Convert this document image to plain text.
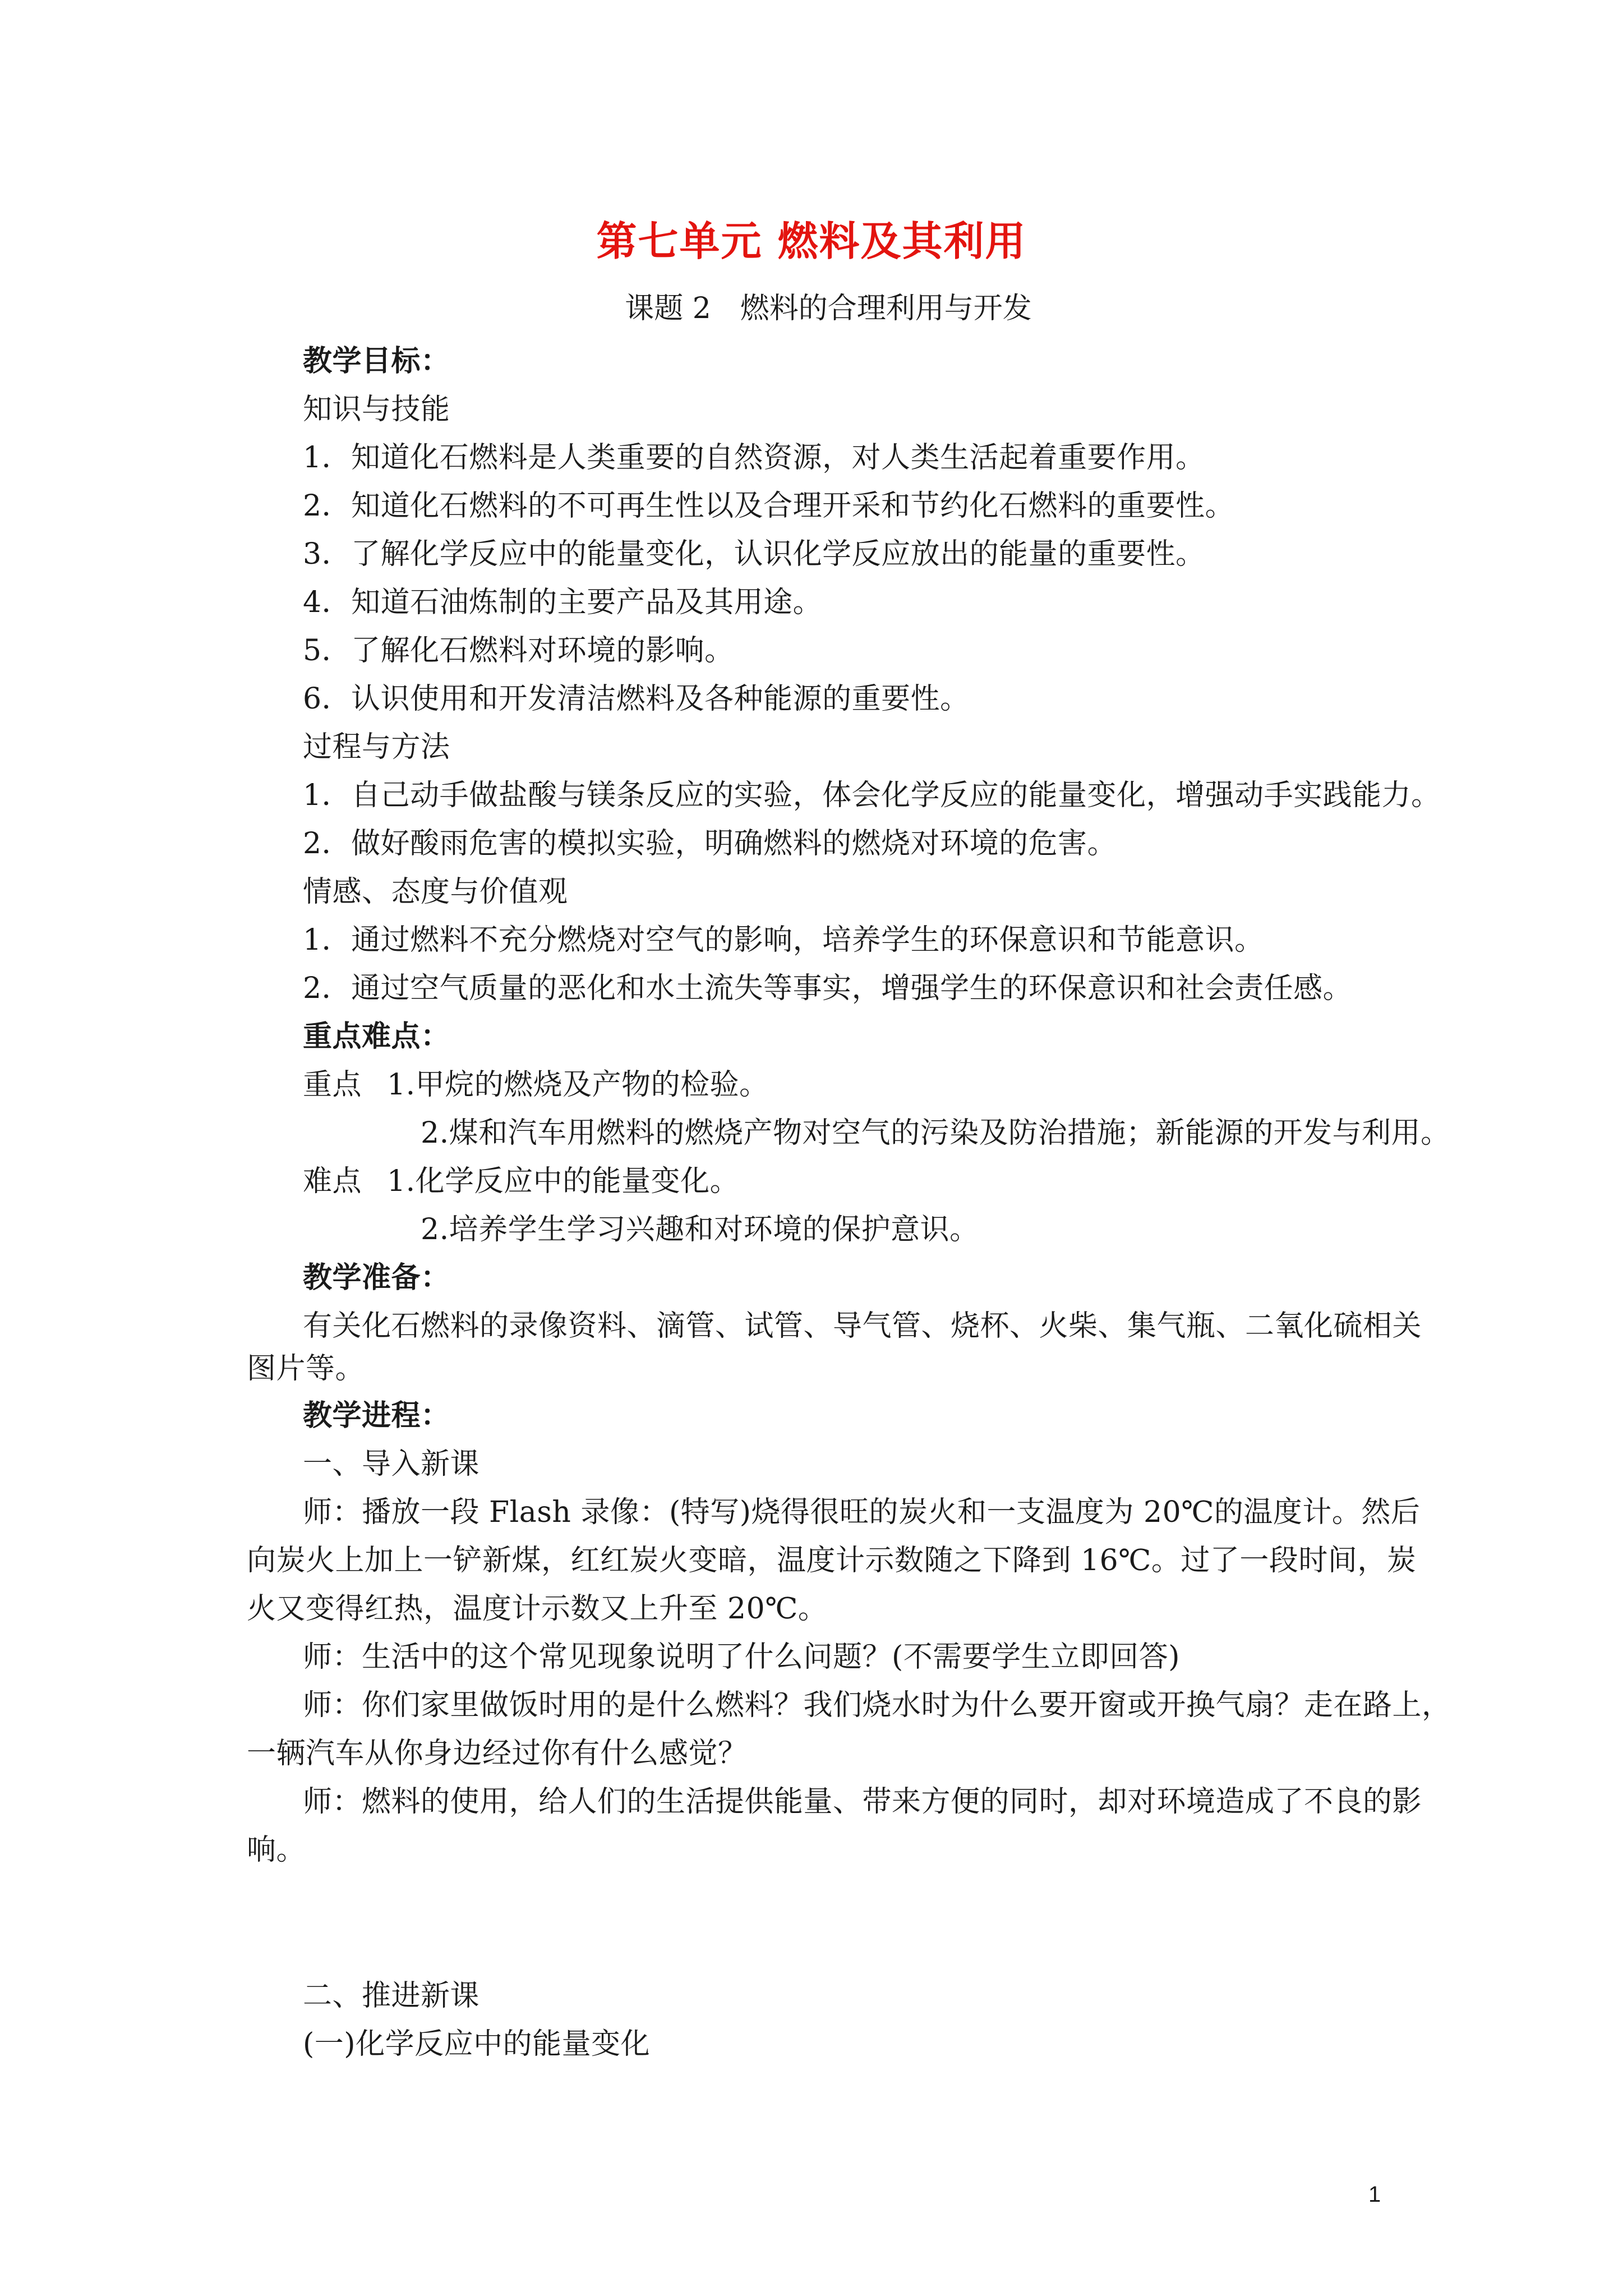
第七单元 燃料及其利用
课题 2　燃料的合理利用与开发
教学目标：
知识与技能
1．知道化石燃料是人类重要的自然资源，对人类生活起着重要作用。
2．知道化石燃料的不可再生性以及合理开采和节约化石燃料的重要性。
3．了解化学反应中的能量变化，认识化学反应放出的能量的重要性。
4．知道石油炼制的主要产品及其用途。
5．了解化石燃料对环境的影响。
6．认识使用和开发清洁燃料及各种能源的重要性。
过程与方法
1．自己动手做盐酸与镁条反应的实验，体会化学反应的能量变化，增强动手实践能力。
2．做好酸雨危害的模拟实验，明确燃料的燃烧对环境的危害。
情感、态度与价值观
1．通过燃料不充分燃烧对空气的影响，培养学生的环保意识和节能意识。
2．通过空气质量的恶化和水土流失等事实，增强学生的环保意识和社会责任感。
重点难点：
重点 1.甲烷的燃烧及产物的检验。
2.煤和汽车用燃料的燃烧产物对空气的污染及防治措施；新能源的开发与利用。
难点 1.化学反应中的能量变化。
2.培养学生学习兴趣和对环境的保护意识。
教学准备：
有关化石燃料的录像资料、滴管、试管、导气管、烧杯、火柴、集气瓶、二氧化硫相关
图片等。
教学进程：
一、导入新课
师：播放一段 Flash 录像：(特写)烧得很旺的炭火和一支温度为 20℃的温度计。然后
向炭火上加上一铲新煤，红红炭火变暗，温度计示数随之下降到 16℃。过了一段时间，炭
火又变得红热，温度计示数又上升至 20℃。
师：生活中的这个常见现象说明了什么问题？(不需要学生立即回答)
师：你们家里做饭时用的是什么燃料？我们烧水时为什么要开窗或开换气扇？走在路上，
一辆汽车从你身边经过你有什么感觉？
师：燃料的使用，给人们的生活提供能量、带来方便的同时，却对环境造成了不良的影
响。
二、推进新课
(一)化学反应中的能量变化
1
